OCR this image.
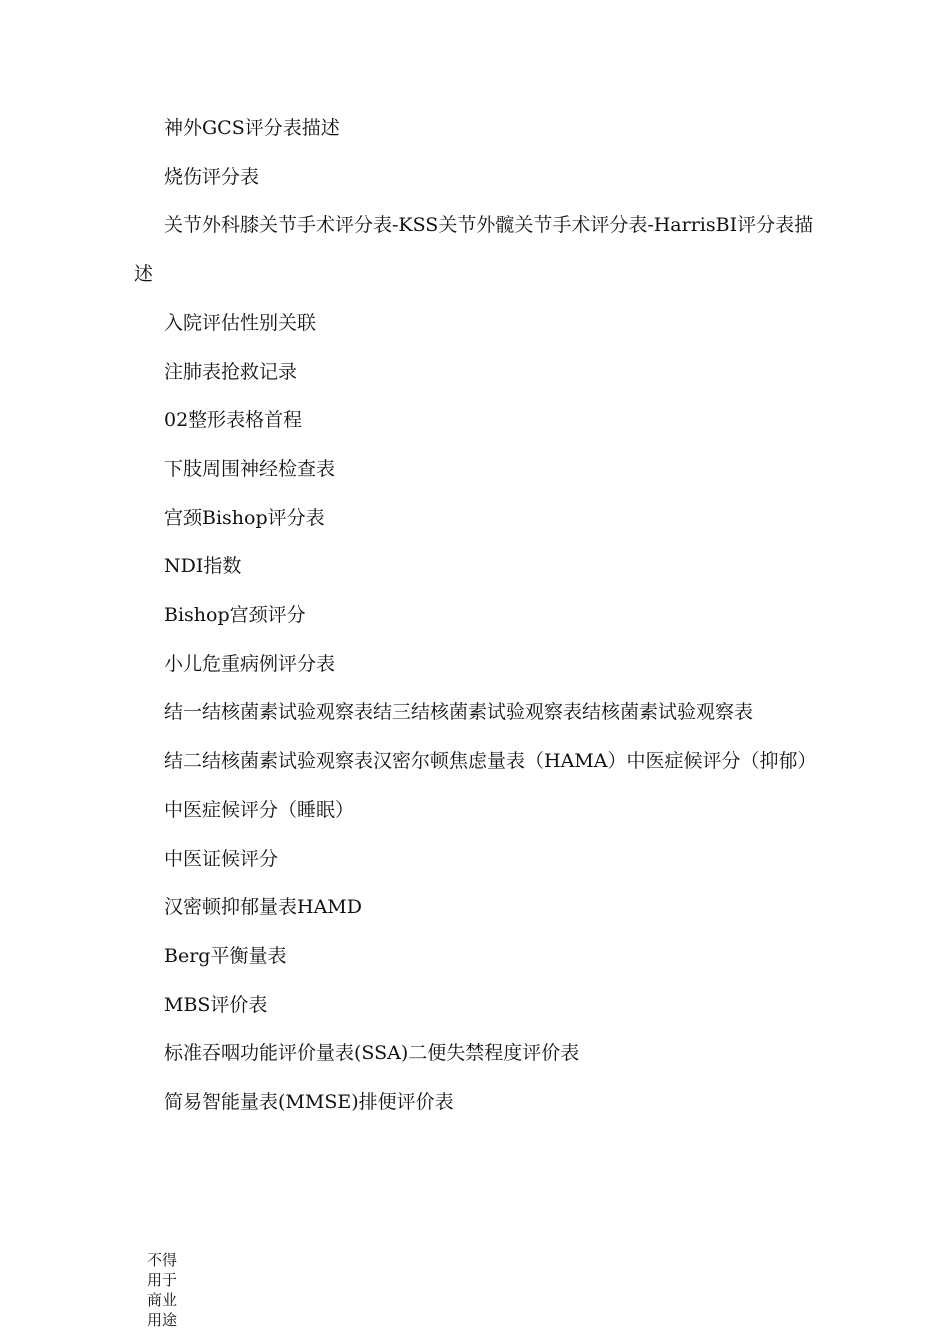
神外GCS评分表描述

烧伤评分表

关节外科膝关节手术评分表-KSS关节外髋关节手术评分表-HarrisBI评分表描述

入院评估性别关联

注肺表抢救记录

02整形表格首程

下肢周围神经检查表

宫颈Bishop评分表

NDI指数

Bishop宫颈评分

小儿危重病例评分表

结一结核菌素试验观察表结三结核菌素试验观察表结核菌素试验观察表

结二结核菌素试验观察表汉密尔顿焦虑量表（HAMA）中医症候评分（抑郁）

中医症候评分（睡眠）

中医证候评分

汉密顿抑郁量表HAMD

Berg平衡量表

MBS评价表

标准吞咽功能评价量表(SSA)二便失禁程度评价表

简易智能量表(MMSE)排便评价表

不得用于商业用途
